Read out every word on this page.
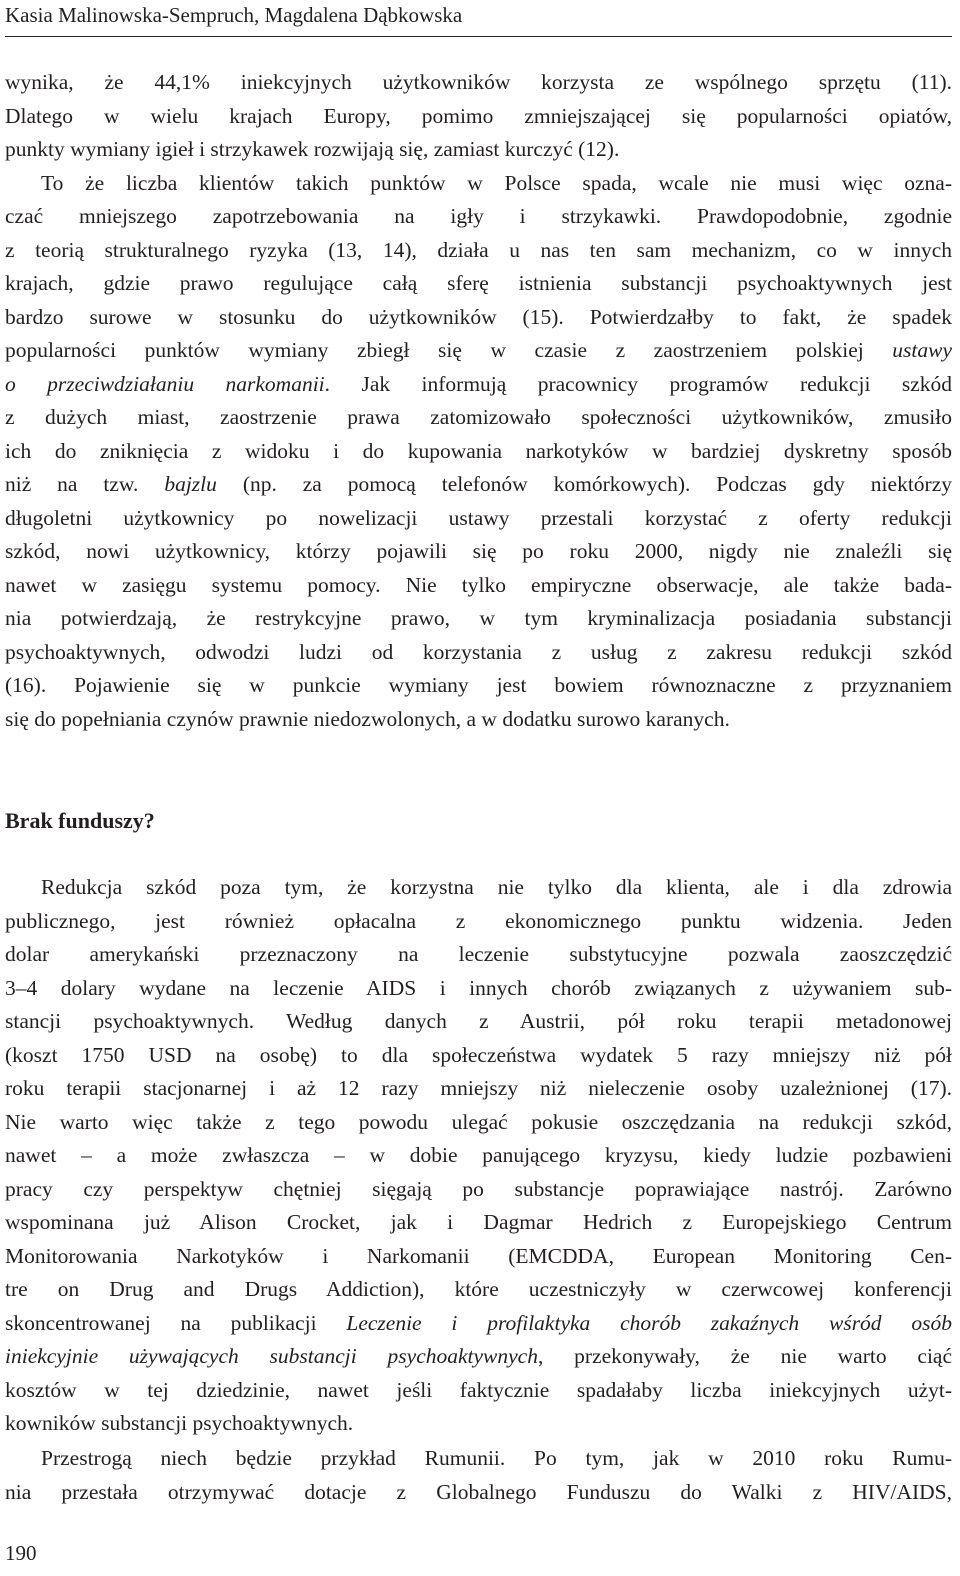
Kasia Malinowska-Sempruch, Magdalena Dąbkowska
wynika, że 44,1% iniekcyjnych użytkowników korzysta ze wspólnego sprzętu (11).
Dlatego w wielu krajach Europy, pomimo zmniejszającej się popularności opiatów,
punkty wymiany igieł i strzykawek rozwijają się, zamiast kurczyć (12).
To że liczba klientów takich punktów w Polsce spada, wcale nie musi więc ozna-
czać mniejszego zapotrzebowania na igły i strzykawki. Prawdopodobnie, zgodnie
z teorią strukturalnego ryzyka (13, 14), działa u nas ten sam mechanizm, co w innych
krajach, gdzie prawo regulujące całą sferę istnienia substancji psychoaktywnych jest
bardzo surowe w stosunku do użytkowników (15). Potwierdzałby to fakt, że spadek
popularności punktów wymiany zbiegł się w czasie z zaostrzeniem polskiej ustawy
o przeciwdziałaniu narkomanii. Jak informują pracownicy programów redukcji szkód
z dużych miast, zaostrzenie prawa zatomizowało społeczności użytkowników, zmusiło
ich do zniknięcia z widoku i do kupowania narkotyków w bardziej dyskretny sposób
niż na tzw. bajzlu (np. za pomocą telefonów komórkowych). Podczas gdy niektórzy
długoletni użytkownicy po nowelizacji ustawy przestali korzystać z oferty redukcji
szkód, nowi użytkownicy, którzy pojawili się po roku 2000, nigdy nie znaleźli się
nawet w zasięgu systemu pomocy. Nie tylko empiryczne obserwacje, ale także bada-
nia potwierdzają, że restrykcyjne prawo, w tym kryminalizacja posiadania substancji
psychoaktywnych, odwodzi ludzi od korzystania z usług z zakresu redukcji szkód
(16). Pojawienie się w punkcie wymiany jest bowiem równoznaczne z przyznaniem
się do popełniania czynów prawnie niedozwolonych, a w dodatku surowo karanych.
Brak funduszy?
Redukcja szkód poza tym, że korzystna nie tylko dla klienta, ale i dla zdrowia
publicznego, jest również opłacalna z ekonomicznego punktu widzenia. Jeden
dolar amerykański przeznaczony na leczenie substytucyjne pozwala zaoszczędzić
3–4 dolary wydane na leczenie AIDS i innych chorób związanych z używaniem sub-
stancji psychoaktywnych. Według danych z Austrii, pół roku terapii metadonowej
(koszt 1750 USD na osobę) to dla społeczeństwa wydatek 5 razy mniejszy niż pół
roku terapii stacjonarnej i aż 12 razy mniejszy niż nieleczenie osoby uzależnionej (17).
Nie warto więc także z tego powodu ulegać pokusie oszczędzania na redukcji szkód,
nawet – a może zwłaszcza – w dobie panującego kryzysu, kiedy ludzie pozbawieni
pracy czy perspektyw chętniej sięgają po substancje poprawiające nastrój. Zarówno
wspominana już Alison Crocket, jak i Dagmar Hedrich z Europejskiego Centrum
Monitorowania Narkotyków i Narkomanii (EMCDDA, European Monitoring Cen-
tre on Drug and Drugs Addiction), które uczestniczyły w czerwcowej konferencji
skoncentrowanej na publikacji Leczenie i profilaktyka chorób zakaźnych wśród osób
iniekcyjnie używających substancji psychoaktywnych, przekonywały, że nie warto ciąć
kosztów w tej dziedzinie, nawet jeśli faktycznie spadałaby liczba iniekcyjnych użyt-
kowników substancji psychoaktywnych.
Przestrogą niech będzie przykład Rumunii. Po tym, jak w 2010 roku Rumu-
nia przestała otrzymywać dotacje z Globalnego Funduszu do Walki z HIV/AIDS,
190
